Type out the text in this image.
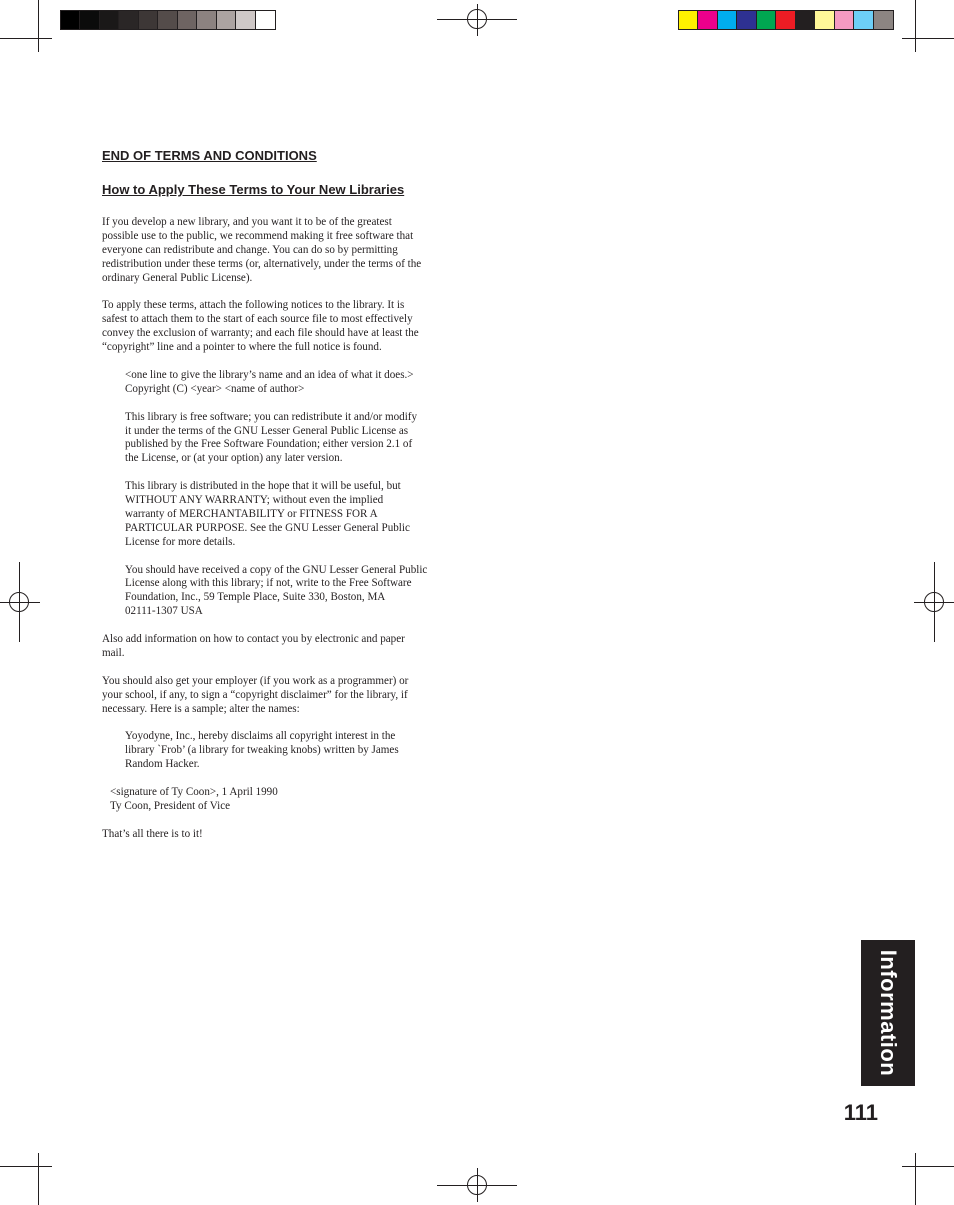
END OF TERMS AND CONDITIONS

How to Apply These Terms to Your New Libraries

If you develop a new library, and you want it to be of the greatest
possible use to the public, we recommend making it free software that
everyone can redistribute and change. You can do so by permitting
redistribution under these terms (or, alternatively, under the terms of the
ordinary General Public License).

To apply these terms, attach the following notices to the library. It is
safest to attach them to the start of each source file to most effectively
convey the exclusion of warranty; and each file should have at least the
“copyright” line and a pointer to where the full notice is found.

<one line to give the library’s name and an idea of what it does.>
Copyright (C) <year> <name of author>

This library is free software; you can redistribute it and/or modify
it under the terms of the GNU Lesser General Public License as
published by the Free Software Foundation; either version 2.1 of
the License, or (at your option) any later version.

This library is distributed in the hope that it will be useful, but
WITHOUT ANY WARRANTY; without even the implied
warranty of MERCHANTABILITY or FITNESS FOR A
PARTICULAR PURPOSE. See the GNU Lesser General Public
License for more details.

You should have received a copy of the GNU Lesser General Public
License along with this library; if not, write to the Free Software
Foundation, Inc., 59 Temple Place, Suite 330, Boston, MA
02111-1307 USA

Also add information on how to contact you by electronic and paper
mail.

You should also get your employer (if you work as a programmer) or
your school, if any, to sign a “copyright disclaimer” for the library, if
necessary. Here is a sample; alter the names:

Yoyodyne, Inc., hereby disclaims all copyright interest in the
library `Frob’ (a library for tweaking knobs) written by James
Random Hacker.

<signature of Ty Coon>, 1 April 1990
Ty Coon, President of Vice

That’s all there is to it!

Information
111
